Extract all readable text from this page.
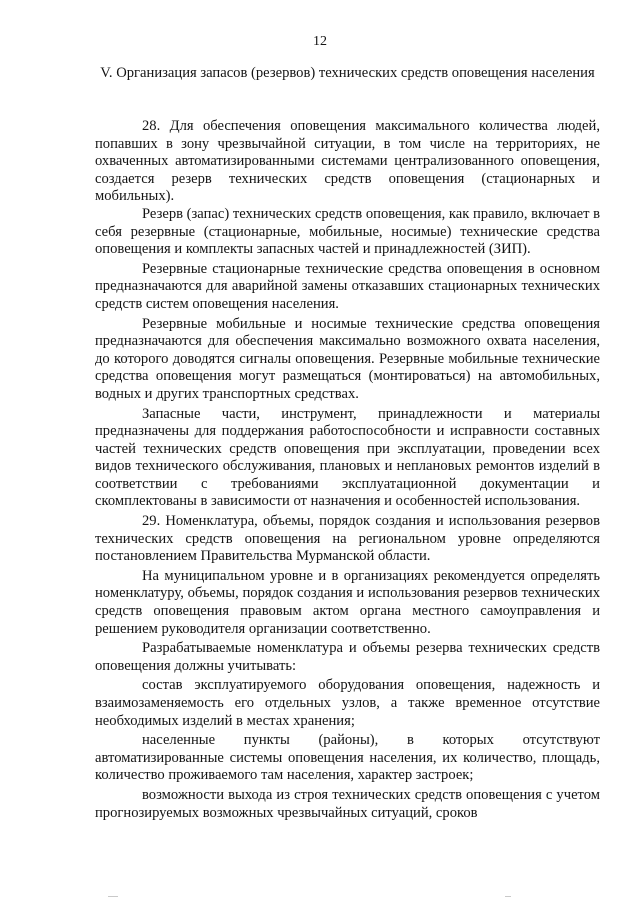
12
V. Организация запасов (резервов) технических средств оповещения населения

28. Для обеспечения оповещения максимального количества людей, попавших в зону чрезвычайной ситуации, в том числе на территориях, не охваченных автоматизированными системами централизованного оповещения, создается резерв технических средств оповещения (стационарных и мобильных).

Резерв (запас) технических средств оповещения, как правило, включает в себя резервные (стационарные, мобильные, носимые) технические средства оповещения и комплекты запасных частей и принадлежностей (ЗИП).

Резервные стационарные технические средства оповещения в основном предназначаются для аварийной замены отказавших стационарных технических средств систем оповещения населения.

Резервные мобильные и носимые технические средства оповещения предназначаются для обеспечения максимально возможного охвата населения, до которого доводятся сигналы оповещения. Резервные мобильные технические средства оповещения могут размещаться (монтироваться) на автомобильных, водных и других транспортных средствах.

Запасные части, инструмент, принадлежности и материалы предназначены для поддержания работоспособности и исправности составных частей технических средств оповещения при эксплуатации, проведении всех видов технического обслуживания, плановых и неплановых ремонтов изделий в соответствии с требованиями эксплуатационной документации и скомплектованы в зависимости от назначения и особенностей использования.

29. Номенклатура, объемы, порядок создания и использования резервов технических средств оповещения на региональном уровне определяются постановлением Правительства Мурманской области.

На муниципальном уровне и в организациях рекомендуется определять номенклатуру, объемы, порядок создания и использования резервов технических средств оповещения правовым актом органа местного самоуправления и решением руководителя организации соответственно.

Разрабатываемые номенклатура и объемы резерва технических средств оповещения должны учитывать:

состав эксплуатируемого оборудования оповещения, надежность и взаимозаменяемость его отдельных узлов, а также временное отсутствие необходимых изделий в местах хранения;

населенные пункты (районы), в которых отсутствуют автоматизированные системы оповещения населения, их количество, площадь, количество проживаемого там населения, характер застроек;

возможности выхода из строя технических средств оповещения с учетом прогнозируемых возможных чрезвычайных ситуаций, сроков
